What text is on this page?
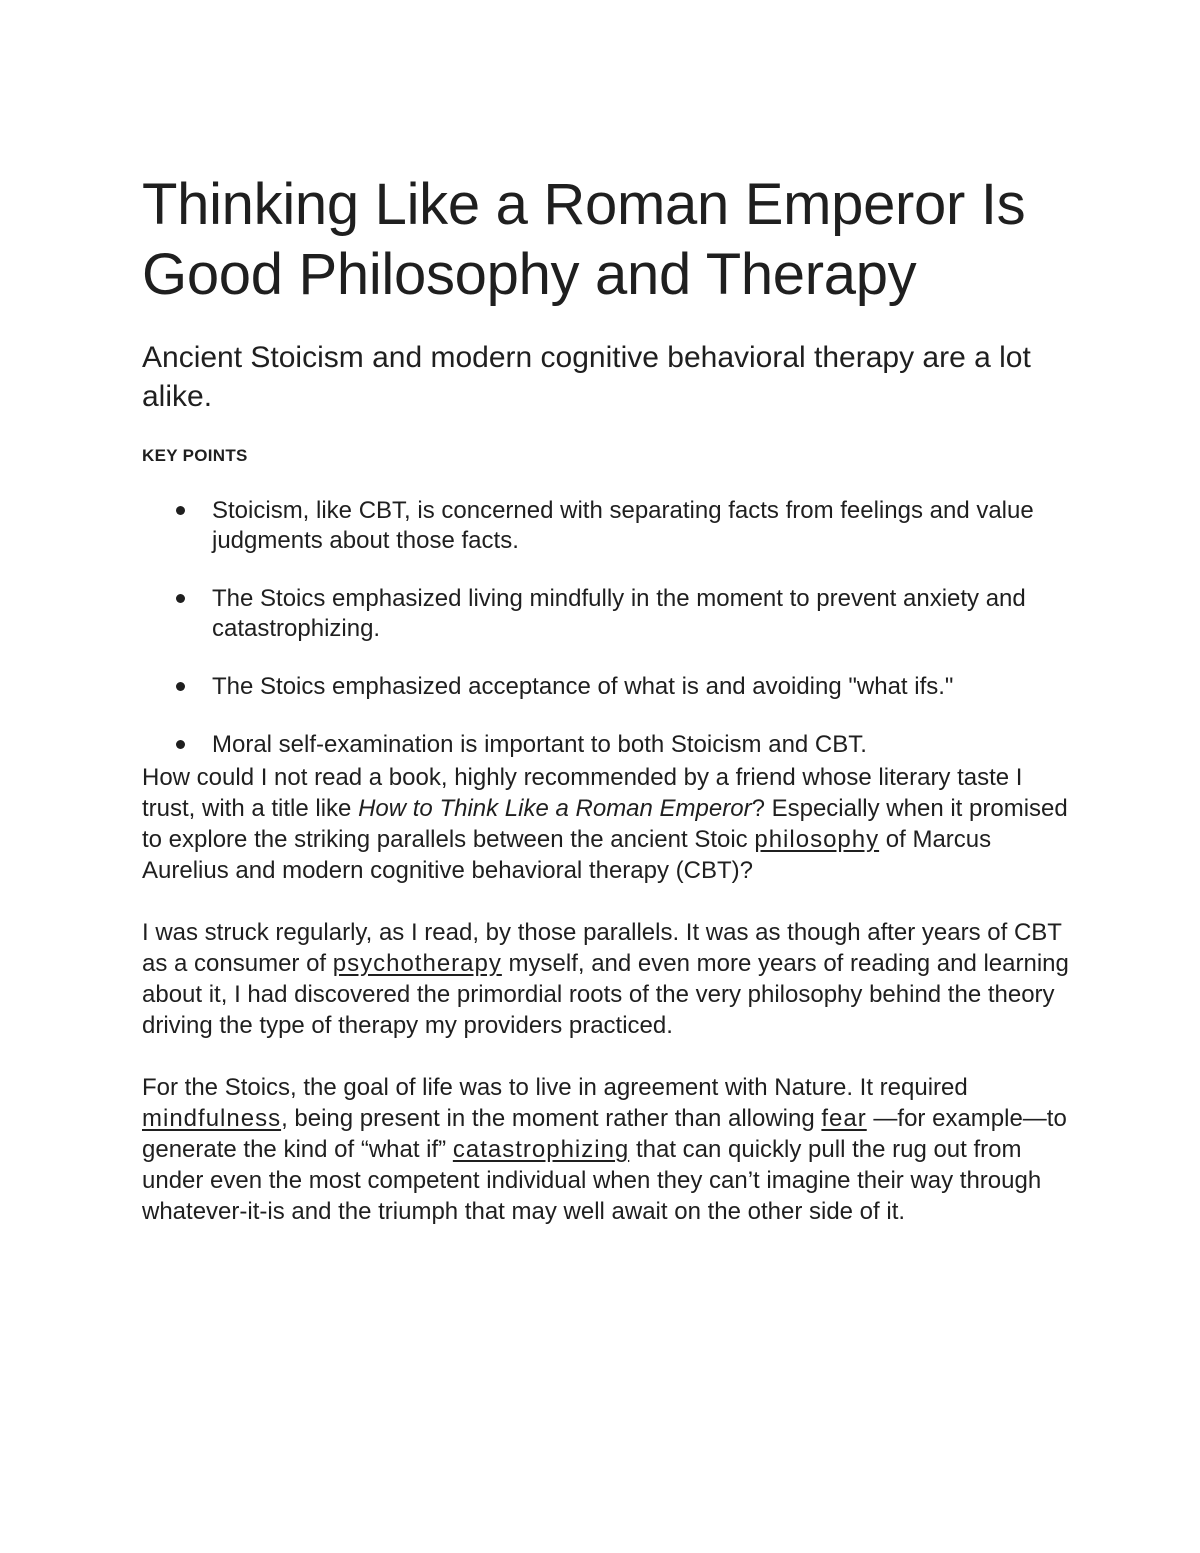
Thinking Like a Roman Emperor Is Good Philosophy and Therapy

Ancient Stoicism and modern cognitive behavioral therapy are a lot alike.

KEY POINTS
Stoicism, like CBT, is concerned with separating facts from feelings and value judgments about those facts.
The Stoics emphasized living mindfully in the moment to prevent anxiety and catastrophizing.
The Stoics emphasized acceptance of what is and avoiding "what ifs."
Moral self-examination is important to both Stoicism and CBT.

How could I not read a book, highly recommended by a friend whose literary taste I trust, with a title like How to Think Like a Roman Emperor? Especially when it promised to explore the striking parallels between the ancient Stoic philosophy of Marcus Aurelius and modern cognitive behavioral therapy (CBT)?

I was struck regularly, as I read, by those parallels. It was as though after years of CBT as a consumer of psychotherapy myself, and even more years of reading and learning about it, I had discovered the primordial roots of the very philosophy behind the theory driving the type of therapy my providers practiced.

For the Stoics, the goal of life was to live in agreement with Nature. It required mindfulness, being present in the moment rather than allowing fear —for example—to generate the kind of “what if” catastrophizing that can quickly pull the rug out from under even the most competent individual when they can’t imagine their way through whatever-it-is and the triumph that may well await on the other side of it.
